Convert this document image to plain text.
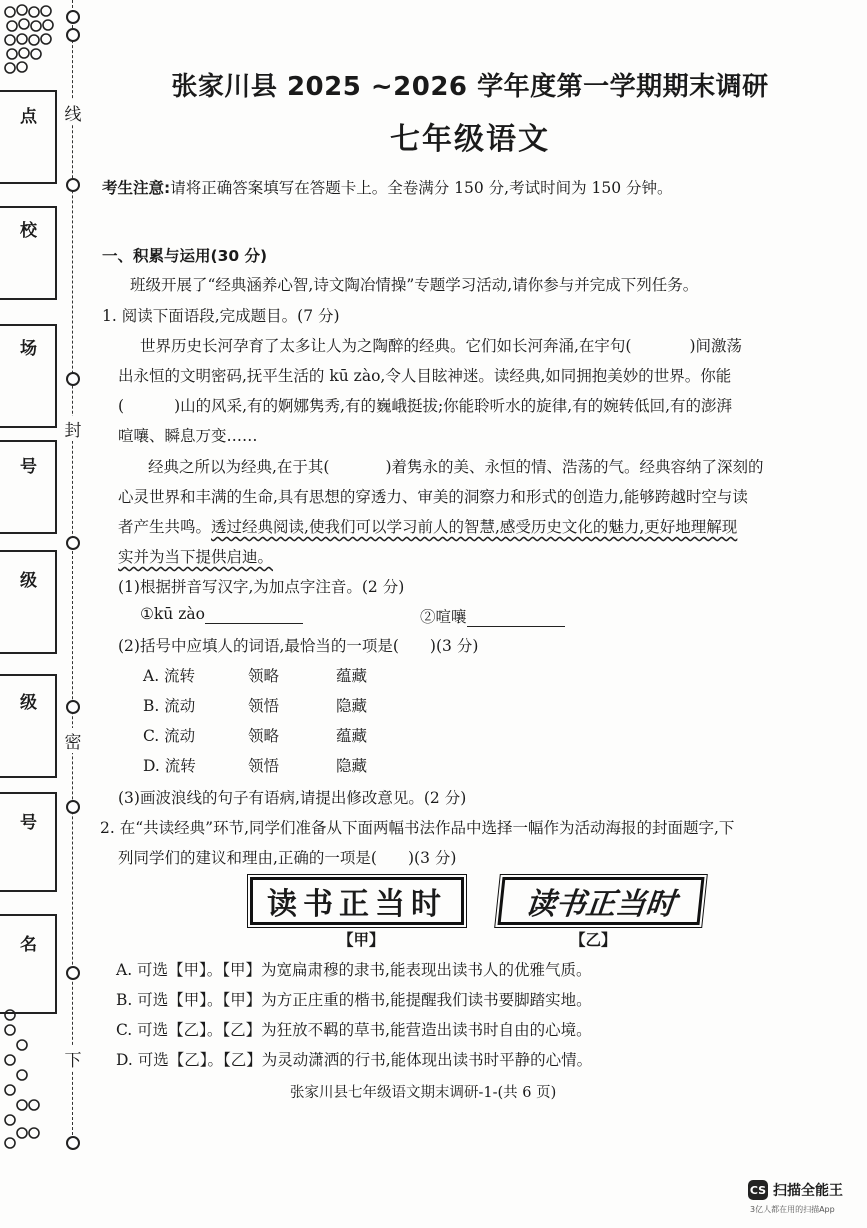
线
封
密
下
点
校
场
号
级
级
号
名
张家川县 2025 ~2026 学年度第一学期期末调研
七年级语文
考生注意:请将正确答案填写在答题卡上。全卷满分 150 分,考试时间为 150 分钟。
一、积累与运用(30 分)
班级开展了“经典涵养心智,诗文陶冶情操”专题学习活动,请你参与并完成下列任务。
1. 阅读下面语段,完成题目。(7 分)
世界历史长河孕育了太多让人为之陶醉的经典。它们如长河奔涌,在宇句(	)间激荡
出永恒的文明密码,抚平生活的 kū zào,令人目眩神迷。读经典,如同拥抱美妙的世界。你能
(	)山的风采,有的婀娜隽秀,有的巍峨挺拔;你能聆听水的旋律,有的婉转低回,有的澎湃
喧嚷、瞬息万变……
经典之所以为经典,在于其(	)着隽永的美、永恒的情、浩荡的气。经典容纳了深刻的
心灵世界和丰满的生命,具有思想的穿透力、审美的洞察力和形式的创造力,能够跨越时空与读
者产生共鸣。透过经典阅读,使我们可以学习前人的智慧,感受历史文化的魅力,更好地理解现
实并为当下提供启迪。
(1)根据拼音写汉字,为加点字注音。(2 分)
①kū zào	②喧嚷
(2)括号中应填人的词语,最恰当的一项是(　　)(3 分)
A. 流转	领略	蕴藏
B. 流动	领悟	隐藏
C. 流动	领略	蕴藏
D. 流转	领悟	隐藏
(3)画波浪线的句子有语病,请提出修改意见。(2 分)
2. 在“共读经典”环节,同学们准备从下面两幅书法作品中选择一幅作为活动海报的封面题字,下
列同学们的建议和理由,正确的一项是(　　)(3 分)
读书正当时	读书正当时
【甲】	【乙】
A. 可选【甲】。【甲】为宽扁肃穆的隶书,能表现出读书人的优雅气质。
B. 可选【甲】。【甲】为方正庄重的楷书,能提醒我们读书要脚踏实地。
C. 可选【乙】。【乙】为狂放不羁的草书,能营造出读书时自由的心境。
D. 可选【乙】。【乙】为灵动潇洒的行书,能体现出读书时平静的心情。
张家川县七年级语文期末调研-1-(共 6 页)
CS 扫描全能王
3亿人都在用的扫描App
